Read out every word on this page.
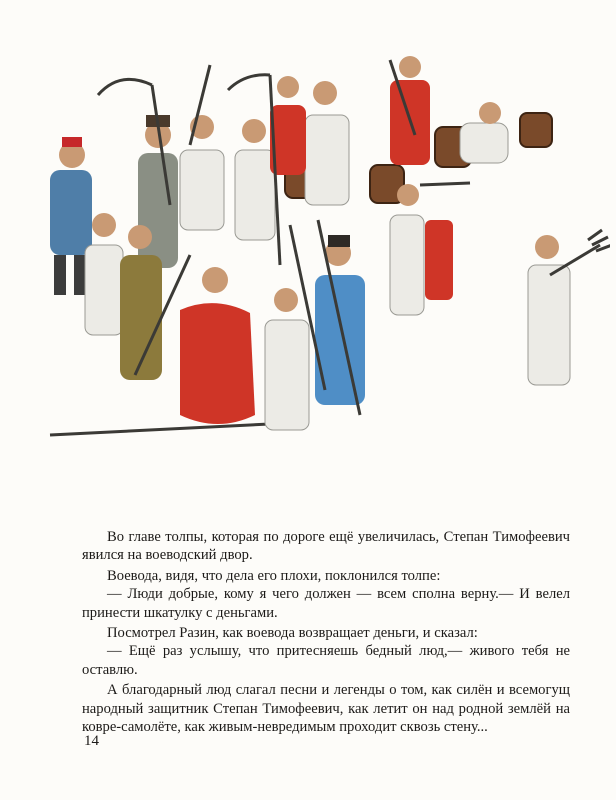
Во главе толпы, которая по дороге ещё увеличилась, Степан Тимофеевич явился на воеводский двор.

Воевода, видя, что дела его плохи, поклонился толпе:

— Люди добрые, кому я чего должен — всем сполна верну.— И велел принести шкатулку с деньгами.

Посмотрел Разин, как воевода возвращает деньги, и сказал:

— Ещё раз услышу, что притесняешь бедный люд,— живого тебя не оставлю.

А благодарный люд слагал песни и легенды о том, как силён и всемогущ народный защитник Степан Тимофеевич, как летит он над родной землёй на ковре-самолёте, как живым-невредимым проходит сквозь стену...

14
